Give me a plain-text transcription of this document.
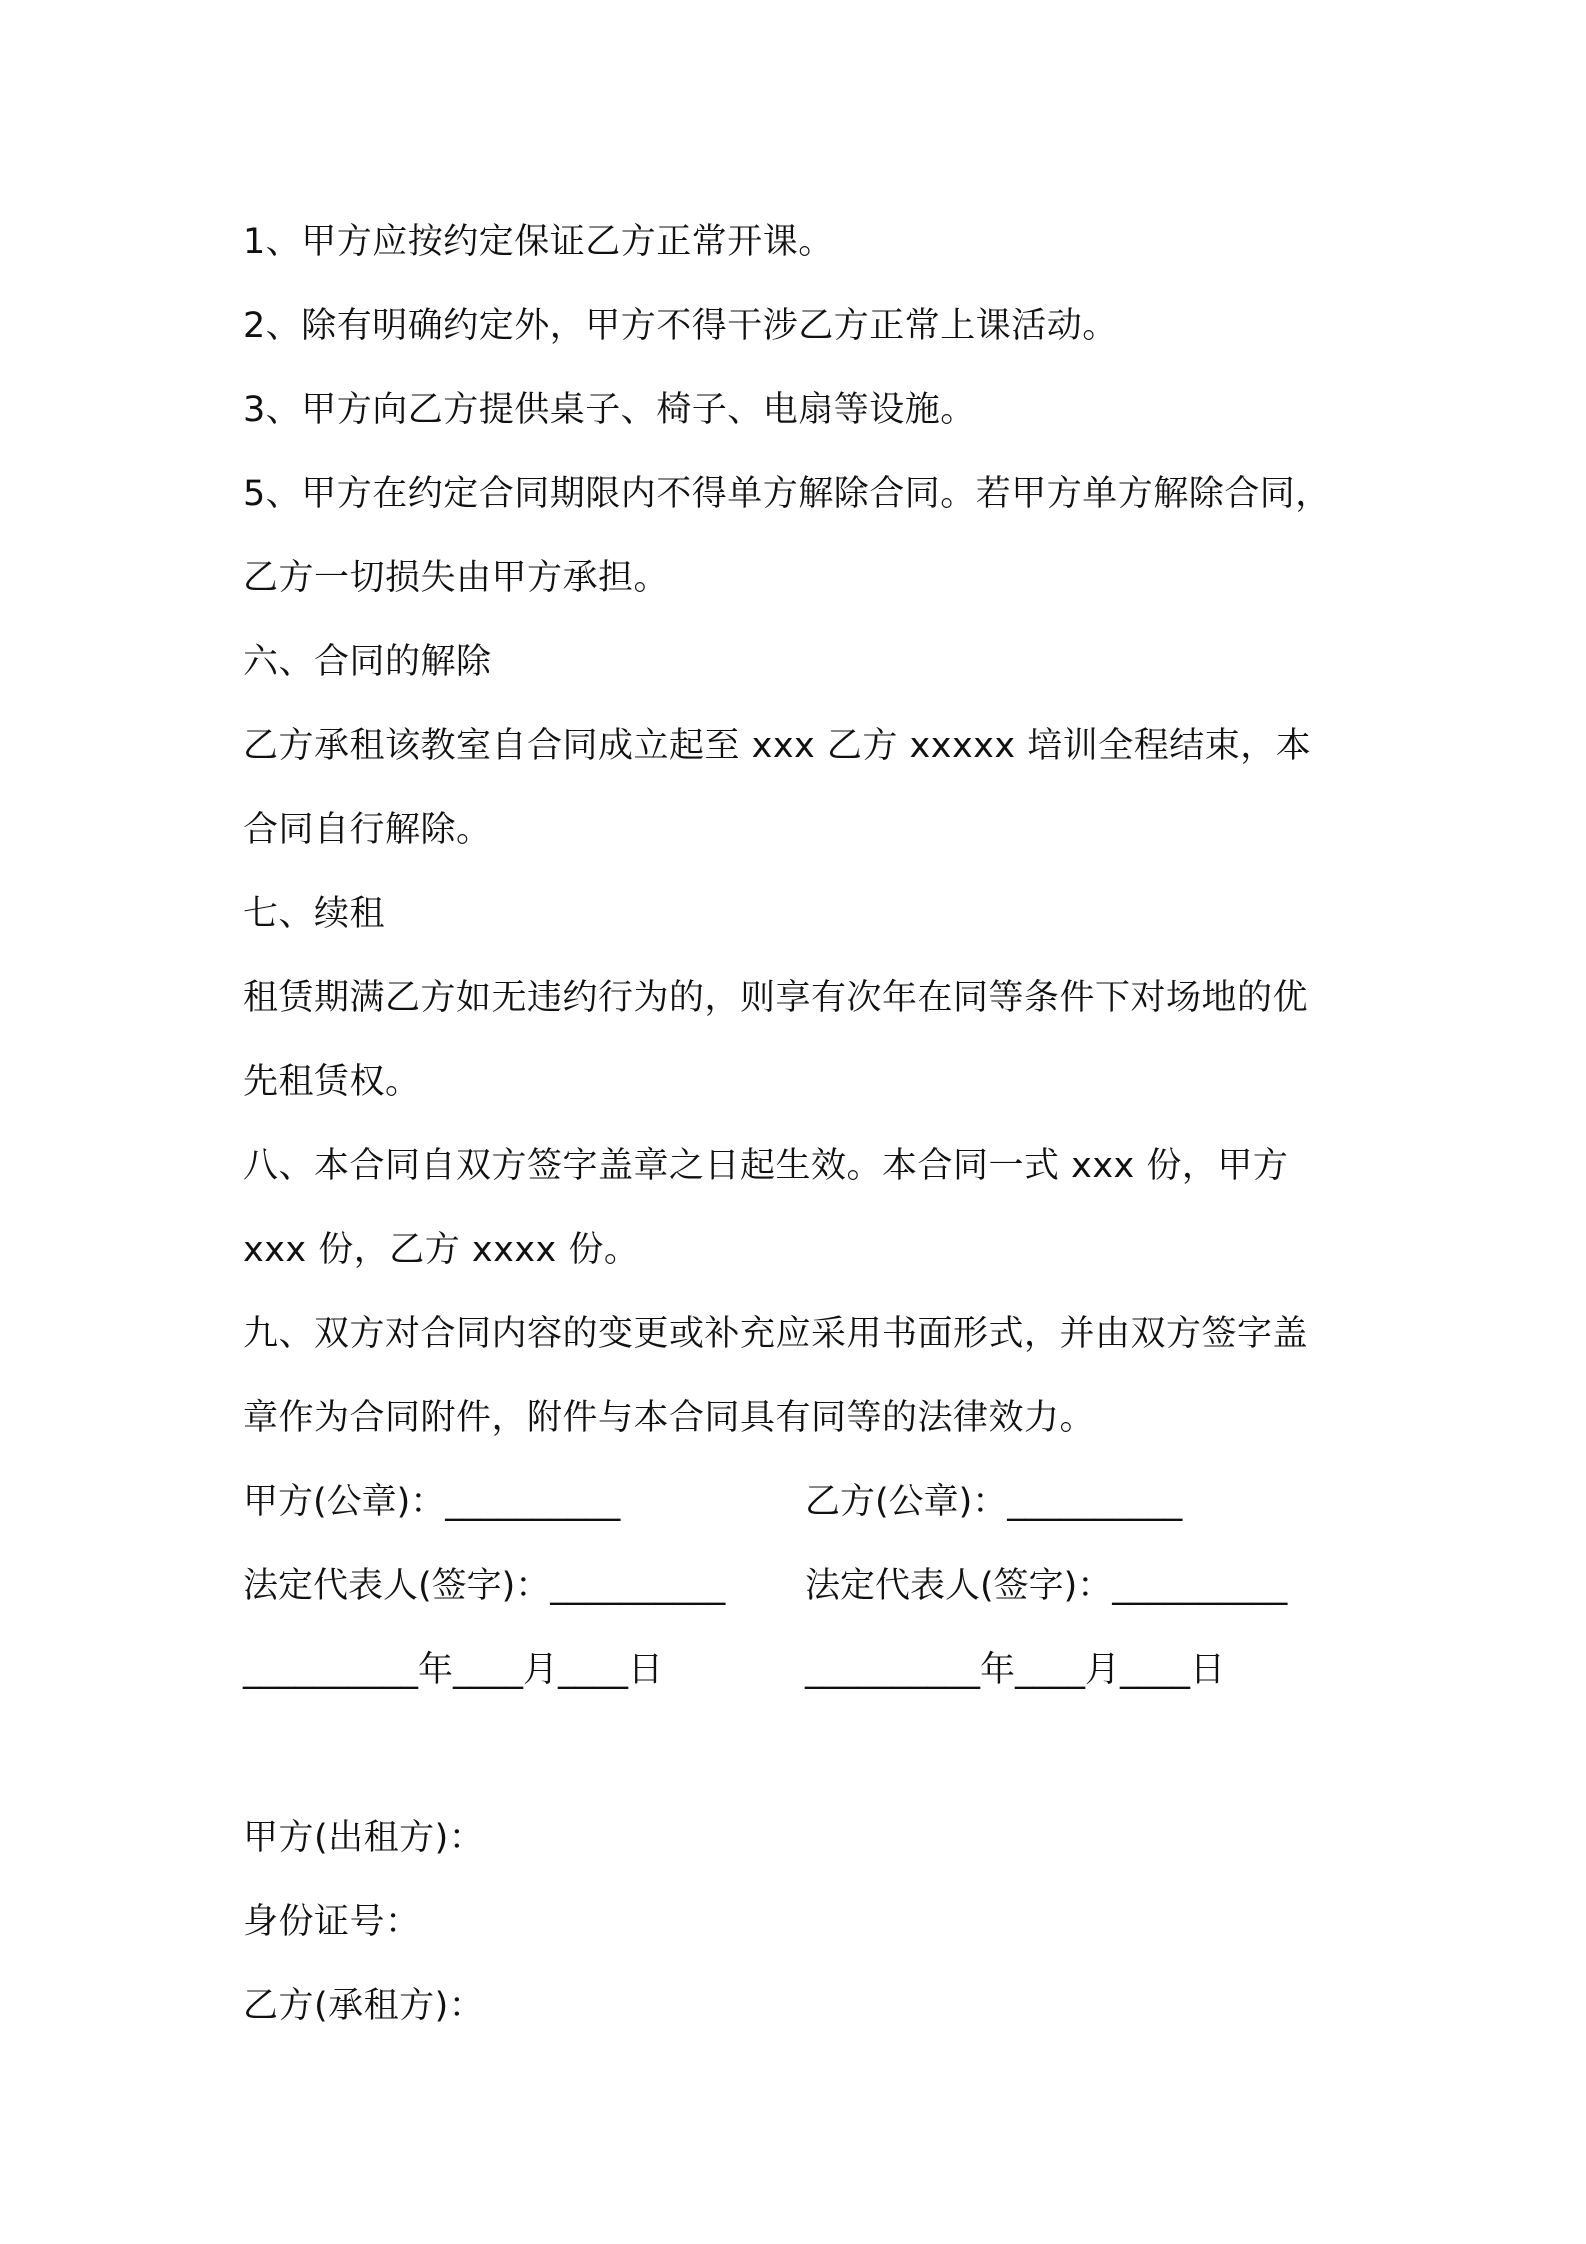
1、甲方应按约定保证乙方正常开课。
2、除有明确约定外，甲方不得干涉乙方正常上课活动。
3、甲方向乙方提供桌子、椅子、电扇等设施。
5、甲方在约定合同期限内不得单方解除合同。若甲方单方解除合同，
乙方一切损失由甲方承担。
六、合同的解除
乙方承租该教室自合同成立起至 xxx 乙方 xxxxx 培训全程结束，本
合同自行解除。
七、续租
租赁期满乙方如无违约行为的，则享有次年在同等条件下对场地的优
先租赁权。
八、本合同自双方签字盖章之日起生效。本合同一式 xxx 份，甲方
xxx 份，乙方 xxxx 份。
九、双方对合同内容的变更或补充应采用书面形式，并由双方签字盖
章作为合同附件，附件与本合同具有同等的法律效力。
甲方(公章)：__________	乙方(公章)：__________
法定代表人(签字)：__________	法定代表人(签字)：__________
__________年____月____日	__________年____月____日
甲方(出租方)：
身份证号：
乙方(承租方)：
